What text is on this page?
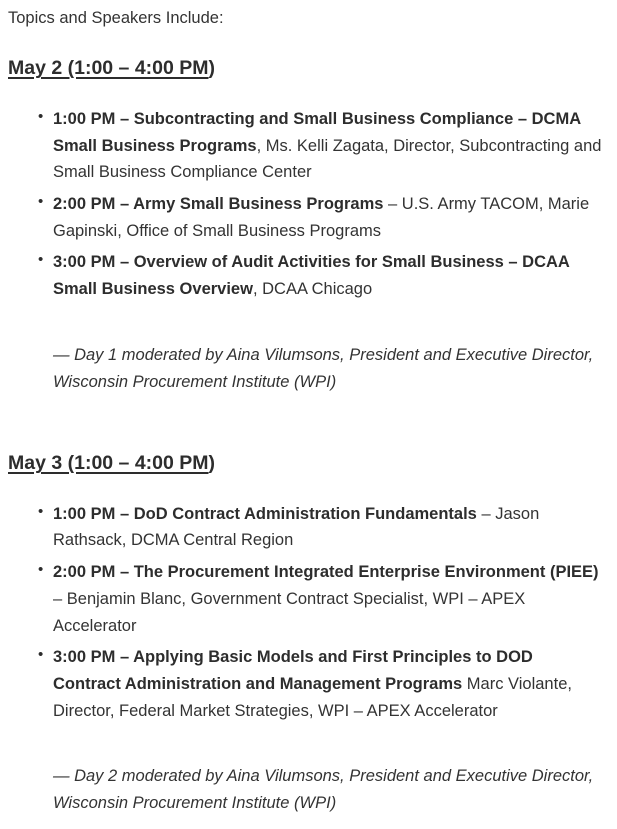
Topics and Speakers Include:

May 2 (1:00 – 4:00 PM)
• 1:00 PM – Subcontracting and Small Business Compliance – DCMA Small Business Programs, Ms. Kelli Zagata, Director, Subcontracting and Small Business Compliance Center
• 2:00 PM – Army Small Business Programs – U.S. Army TACOM, Marie Gapinski, Office of Small Business Programs
• 3:00 PM – Overview of Audit Activities for Small Business – DCAA Small Business Overview, DCAA Chicago

— Day 1 moderated by Aina Vilumsons, President and Executive Director, Wisconsin Procurement Institute (WPI)

May 3 (1:00 – 4:00 PM)
• 1:00 PM – DoD Contract Administration Fundamentals – Jason Rathsack, DCMA Central Region
• 2:00 PM – The Procurement Integrated Enterprise Environment (PIEE) – Benjamin Blanc, Government Contract Specialist, WPI – APEX Accelerator
• 3:00 PM – Applying Basic Models and First Principles to DOD Contract Administration and Management Programs Marc Violante, Director, Federal Market Strategies, WPI – APEX Accelerator

— Day 2 moderated by Aina Vilumsons, President and Executive Director, Wisconsin Procurement Institute (WPI)
